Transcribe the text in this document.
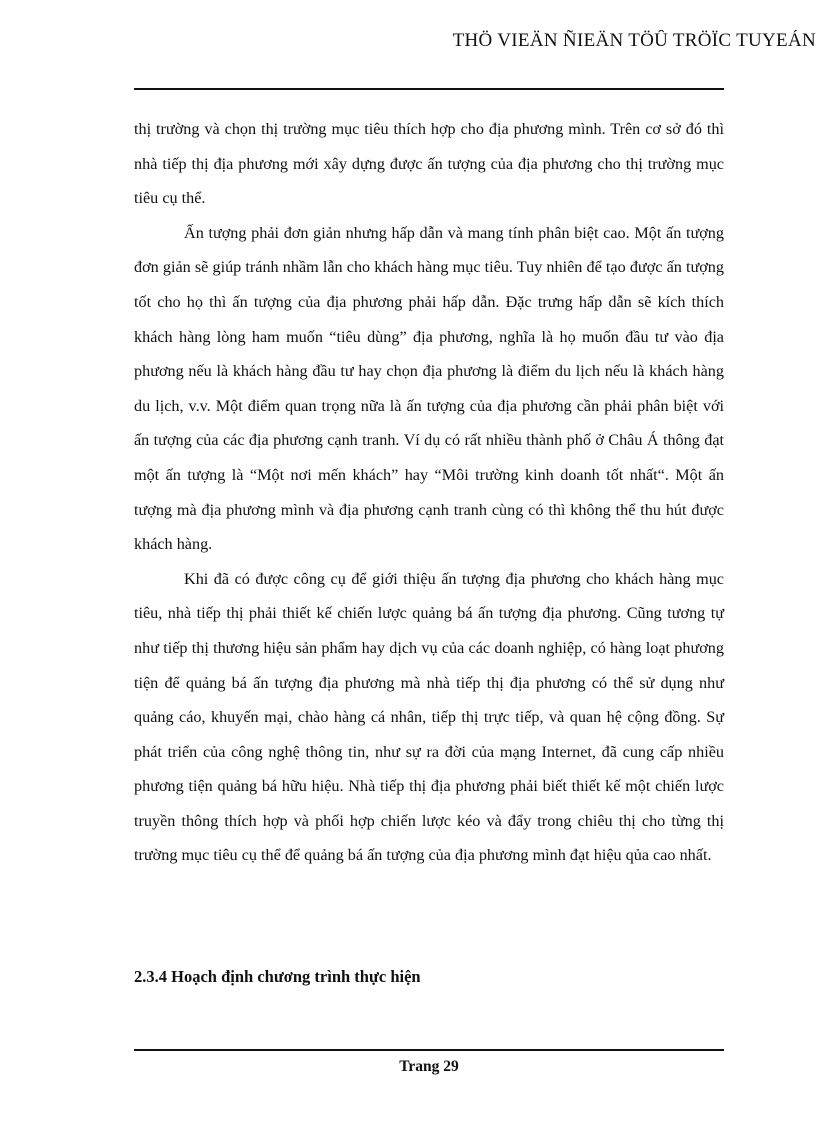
THÖ VIEÄN ÑIEÄN TÖÛ TRÖÏC TUYEÁN

thị trường và chọn thị trường mục tiêu thích hợp cho địa phương mình. Trên cơ sở đó thì nhà tiếp thị địa phương mới xây dựng được ấn tượng của địa phương cho thị trường mục tiêu cụ thể.

Ấn tượng phải đơn giản nhưng hấp dẫn và mang tính phân biệt cao. Một ấn tượng đơn giản sẽ giúp tránh nhầm lẫn cho khách hàng mục tiêu. Tuy nhiên để tạo được ấn tượng tốt cho họ thì ấn tượng của địa phương phải hấp dẫn. Đặc trưng hấp dẫn sẽ kích thích khách hàng lòng ham muốn “tiêu dùng” địa phương, nghĩa là họ muốn đầu tư vào địa phương nếu là khách hàng đầu tư hay chọn địa phương là điểm du lịch nếu là khách hàng du lịch, v.v. Một điểm quan trọng nữa là ấn tượng của địa phương cần phải phân biệt với ấn tượng của các địa phương cạnh tranh. Ví dụ có rất nhiều thành phố ở Châu Á thông đạt một ấn tượng là “Một nơi mến khách” hay “Môi trường kinh doanh tốt nhất“. Một ấn tượng mà địa phương mình và địa phương cạnh tranh cùng có thì không thể thu hút được khách hàng.

Khi đã có được công cụ để giới thiệu ấn tượng địa phương cho khách hàng mục tiêu, nhà tiếp thị phải thiết kế chiến lược quảng bá ấn tượng địa phương. Cũng tương tự như tiếp thị thương hiệu sản phẩm hay dịch vụ của các doanh nghiệp, có hàng loạt phương tiện để quảng bá ấn tượng địa phương mà nhà tiếp thị địa phương có thể sử dụng như quảng cáo, khuyến mại, chào hàng cá nhân, tiếp thị trực tiếp, và quan hệ cộng đồng. Sự phát triển của công nghệ thông tin, như sự ra đời của mạng Internet, đã cung cấp nhiều phương tiện quảng bá hữu hiệu. Nhà tiếp thị địa phương phải biết thiết kế một chiến lược truyền thông thích hợp và phối hợp chiến lược kéo và đẩy trong chiêu thị cho từng thị trường mục tiêu cụ thể để quảng bá ấn tượng của địa phương mình đạt hiệu qủa cao nhất.

2.3.4 Hoạch định chương trình thực hiện
Trang 29
